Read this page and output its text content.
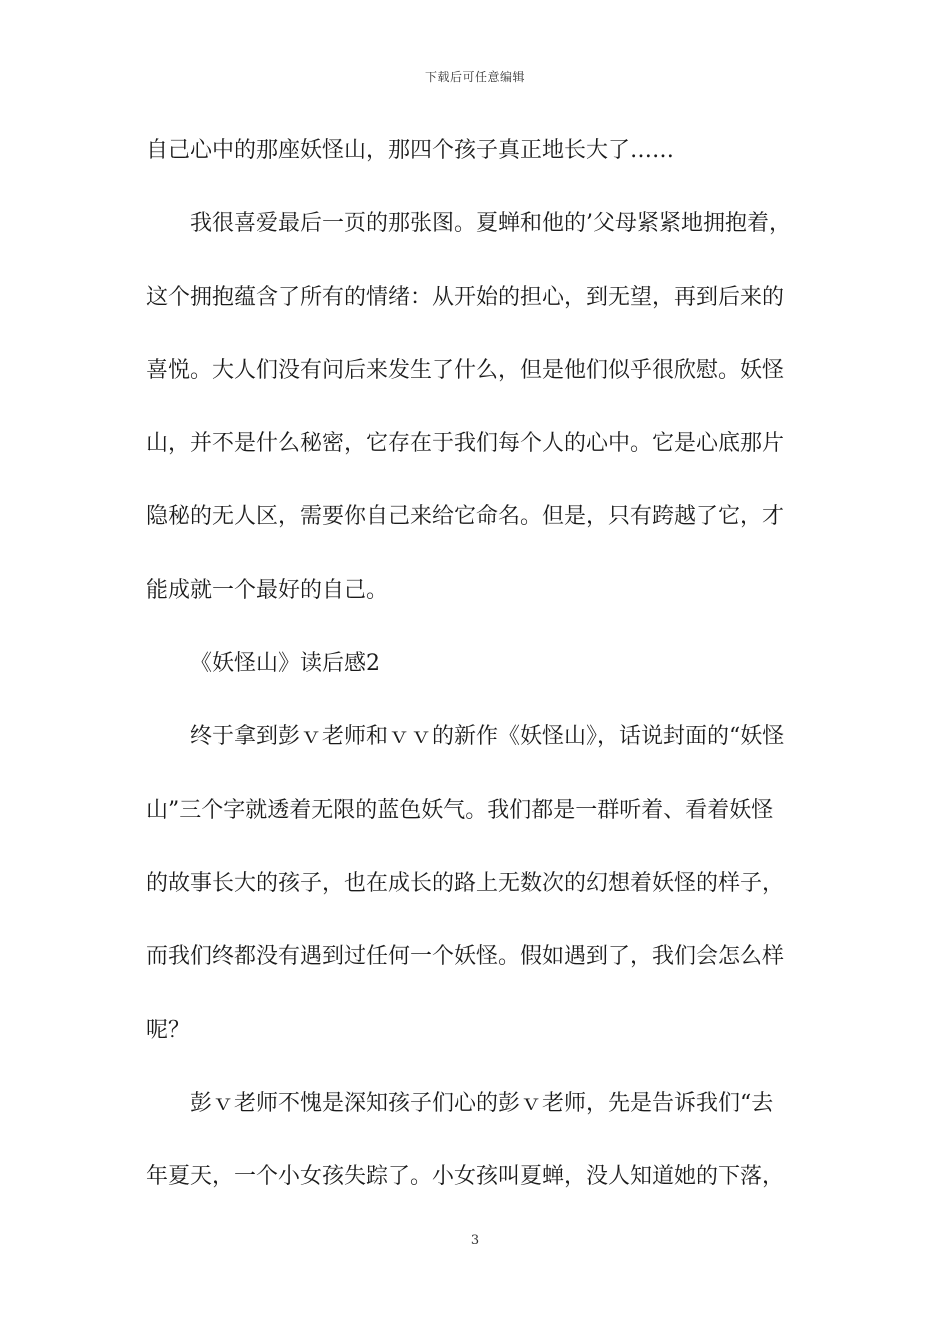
下载后可任意编辑
自己心中的那座妖怪山，那四个孩子真正地长大了……
我很喜爱最后一页的那张图。夏蝉和他的’父母紧紧地拥抱着，
这个拥抱蕴含了所有的情绪：从开始的担心，到无望，再到后来的
喜悦。大人们没有问后来发生了什么，但是他们似乎很欣慰。妖怪
山，并不是什么秘密，它存在于我们每个人的心中。它是心底那片
隐秘的无人区，需要你自己来给它命名。但是，只有跨越了它，才
能成就一个最好的自己。
《妖怪山》读后感2
终于拿到彭ｖ老师和ｖｖ的新作《妖怪山》，话说封面的“妖怪
山”三个字就透着无限的蓝色妖气。我们都是一群听着、看着妖怪
的故事长大的孩子，也在成长的路上无数次的幻想着妖怪的样子，
而我们终都没有遇到过任何一个妖怪。假如遇到了，我们会怎么样
呢？
彭ｖ老师不愧是深知孩子们心的彭ｖ老师，先是告诉我们“去
年夏天，一个小女孩失踪了。小女孩叫夏蝉，没人知道她的下落，
3
